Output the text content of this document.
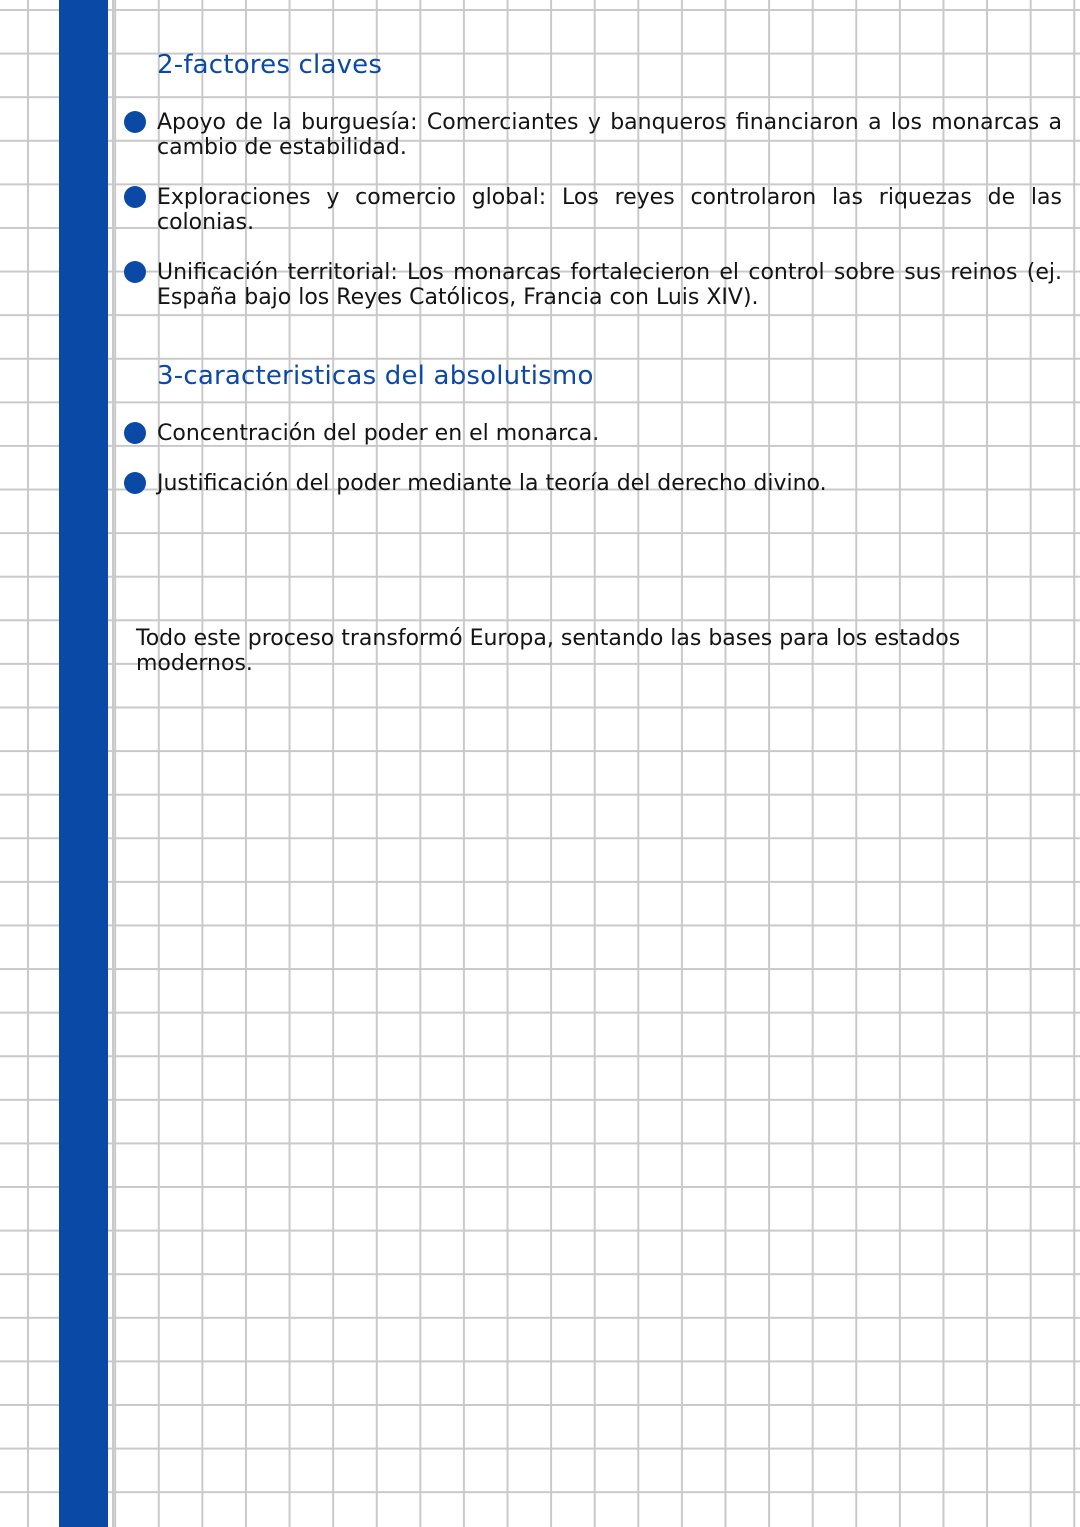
2-factores claves
Apoyo de la burguesía: Comerciantes y banqueros financiaron a los monarcas a cambio de estabilidad.
Exploraciones y comercio global: Los reyes controlaron las riquezas de las colonias.
Unificación territorial: Los monarcas fortalecieron el control sobre sus reinos (ej. España bajo los Reyes Católicos, Francia con Luis XIV).
3-caracteristicas del absolutismo
Concentración del poder en el monarca.
Justificación del poder mediante la teoría del derecho divino.

Todo este proceso transformó Europa, sentando las bases para los estados modernos.
